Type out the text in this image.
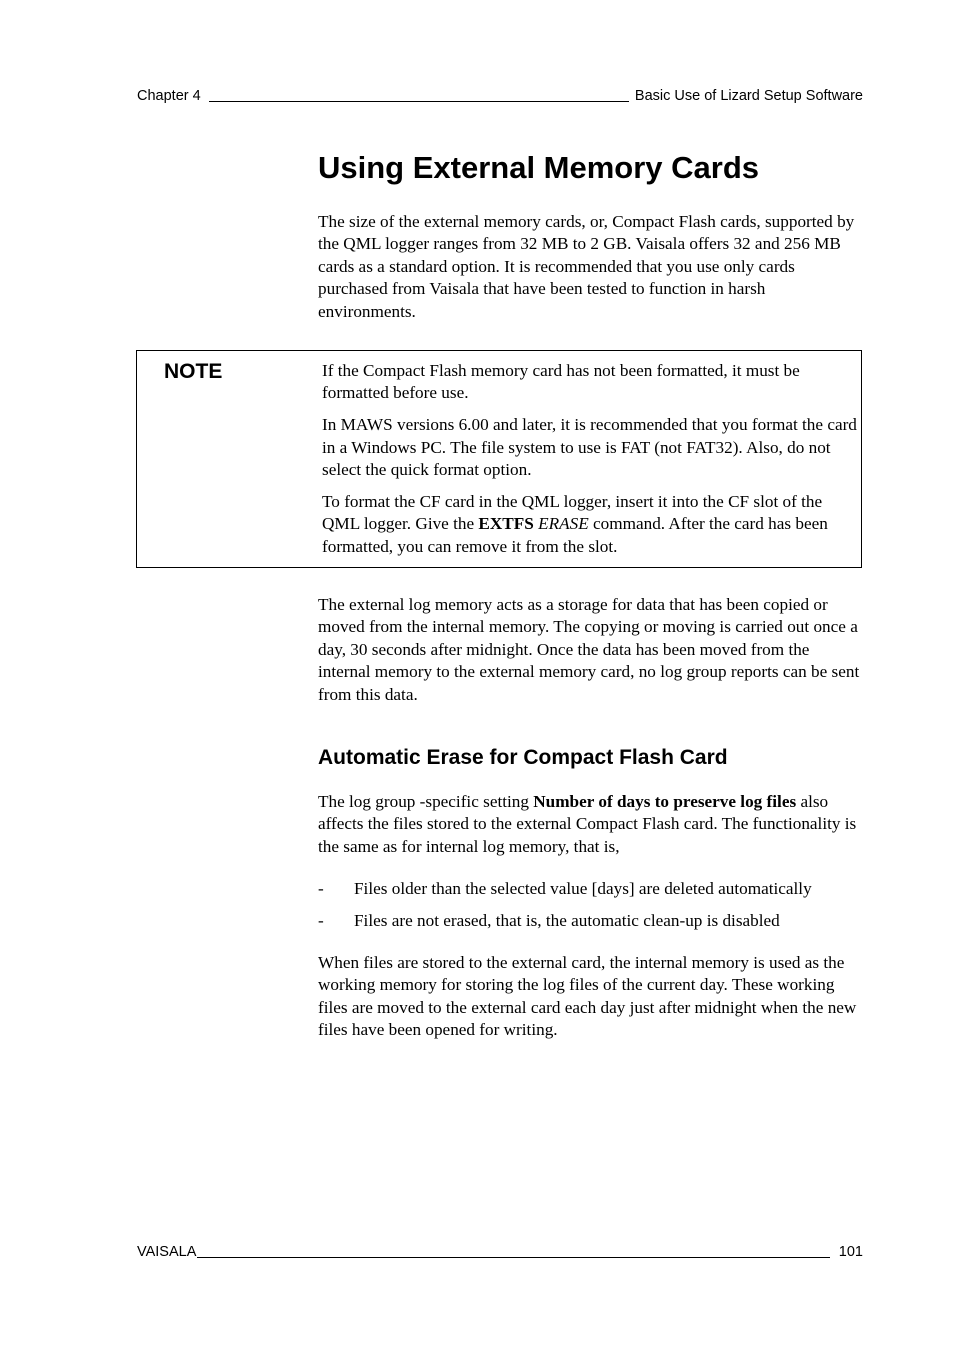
Chapter 4	Basic Use of Lizard Setup Software
Using External Memory Cards

The size of the external memory cards, or, Compact Flash cards, supported by the QML logger ranges from 32 MB to 2 GB. Vaisala offers 32 and 256 MB cards as a standard option. It is recommended that you use only cards purchased from Vaisala that have been tested to function in harsh environments.

NOTE	If the Compact Flash memory card has not been formatted, it must be formatted before use.

In MAWS versions 6.00 and later, it is recommended that you format the card in a Windows PC. The file system to use is FAT (not FAT32). Also, do not select the quick format option.

To format the CF card in the QML logger, insert it into the CF slot of the QML logger. Give the EXTFS ERASE command. After the card has been formatted, you can remove it from the slot.

The external log memory acts as a storage for data that has been copied or moved from the internal memory. The copying or moving is carried out once a day, 30 seconds after midnight. Once the data has been moved from the internal memory to the external memory card, no log group reports can be sent from this data.

Automatic Erase for Compact Flash Card

The log group -specific setting Number of days to preserve log files also affects the files stored to the external Compact Flash card. The functionality is the same as for internal log memory, that is,

- Files older than the selected value [days] are deleted automatically
- Files are not erased, that is, the automatic clean-up is disabled

When files are stored to the external card, the internal memory is used as the working memory for storing the log files of the current day. These working files are moved to the external card each day just after midnight when the new files have been opened for writing.

VAISALA	101
